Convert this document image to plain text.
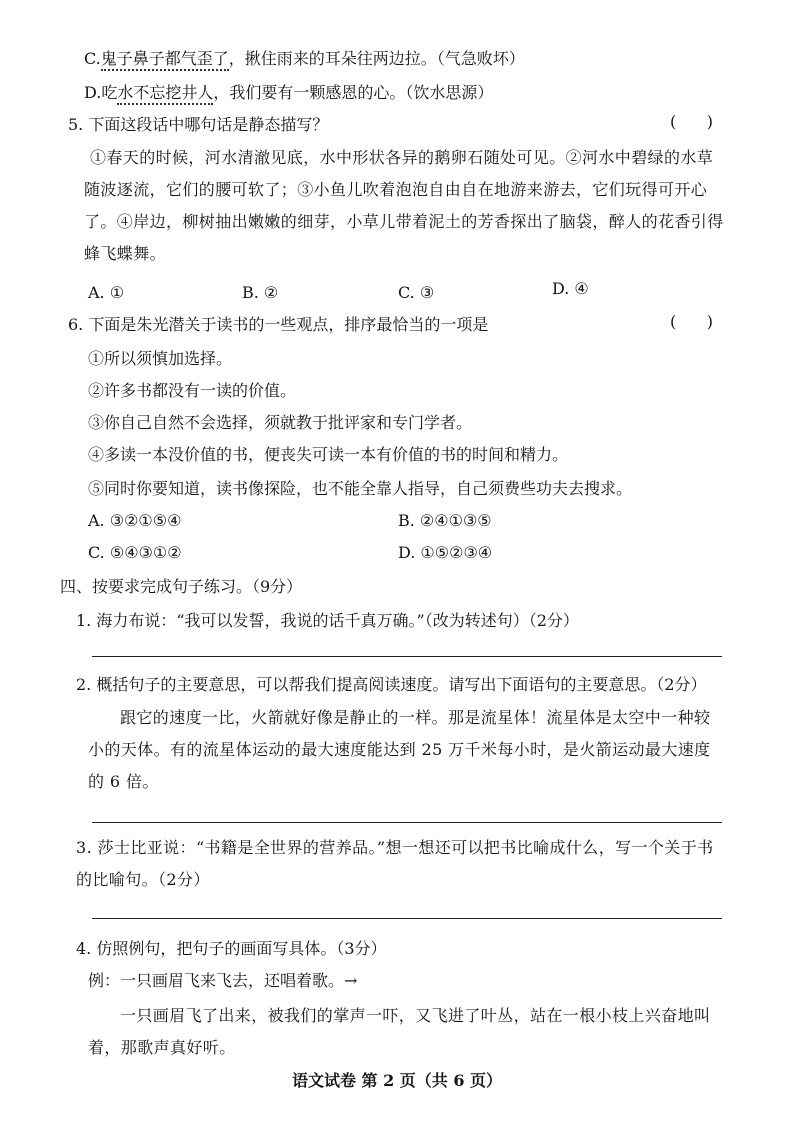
C.鬼子鼻子都气歪了，揪住雨来的耳朵往两边拉。（气急败坏）
D.吃水不忘挖井人，我们要有一颗感恩的心。（饮水思源）
5. 下面这段话中哪句话是静态描写？	(      )
①春天的时候，河水清澈见底，水中形状各异的鹅卵石随处可见。②河水中碧绿的水草随波逐流，它们的腰可软了；③小鱼儿吹着泡泡自由自在地游来游去，它们玩得可开心了。④岸边，柳树抽出嫩嫩的细芽，小草儿带着泥土的芳香探出了脑袋，醉人的花香引得蜂飞蝶舞。
A. ①	B. ②	C. ③	D. ④
6. 下面是朱光潜关于读书的一些观点，排序最恰当的一项是	(      )
①所以须慎加选择。
②许多书都没有一读的价值。
③你自己自然不会选择，须就教于批评家和专门学者。
④多读一本没价值的书，便丧失可读一本有价值的书的时间和精力。
⑤同时你要知道，读书像探险，也不能全靠人指导，自己须费些功夫去搜求。
A. ③②①⑤④	B. ②④①③⑤
C. ⑤④③①②	D. ①⑤②③④
四、按要求完成句子练习。（9分）
1. 海力布说：“我可以发誓，我说的话千真万确。”（改为转述句）（2分）
2. 概括句子的主要意思，可以帮我们提高阅读速度。请写出下面语句的主要意思。（2分）
跟它的速度一比，火箭就好像是静止的一样。那是流星体！流星体是太空中一种较小的天体。有的流星体运动的最大速度能达到 25 万千米每小时，是火箭运动最大速度的 6 倍。
3. 莎士比亚说：“书籍是全世界的营养品。”想一想还可以把书比喻成什么，写一个关于书的比喻句。（2分）
4. 仿照例句，把句子的画面写具体。（3分）
例：一只画眉飞来飞去，还唱着歌。→
一只画眉飞了出来，被我们的掌声一吓，又飞进了叶丛，站在一根小枝上兴奋地叫着，那歌声真好听。
语文试卷 第 2 页（共 6 页）
